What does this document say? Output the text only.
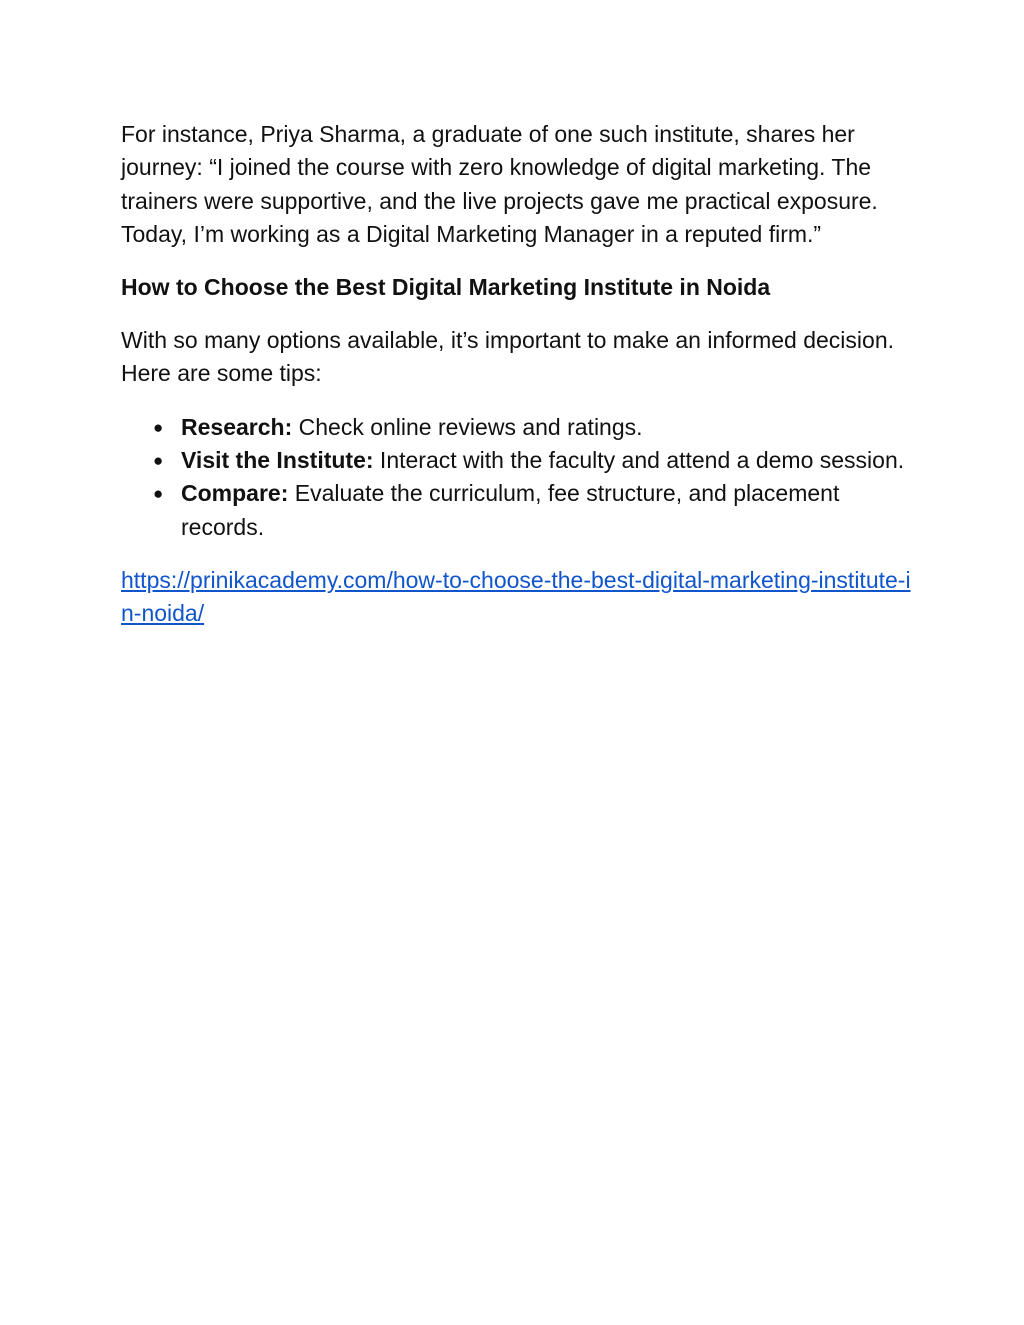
For instance, Priya Sharma, a graduate of one such institute, shares her journey: “I joined the course with zero knowledge of digital marketing. The trainers were supportive, and the live projects gave me practical exposure. Today, I’m working as a Digital Marketing Manager in a reputed firm.”

How to Choose the Best Digital Marketing Institute in Noida

With so many options available, it’s important to make an informed decision. Here are some tips:

● Research: Check online reviews and ratings.
● Visit the Institute: Interact with the faculty and attend a demo session.
● Compare: Evaluate the curriculum, fee structure, and placement records.
https://prinikacademy.com/how-to-choose-the-best-digital-marketing-institute-in-noida/
